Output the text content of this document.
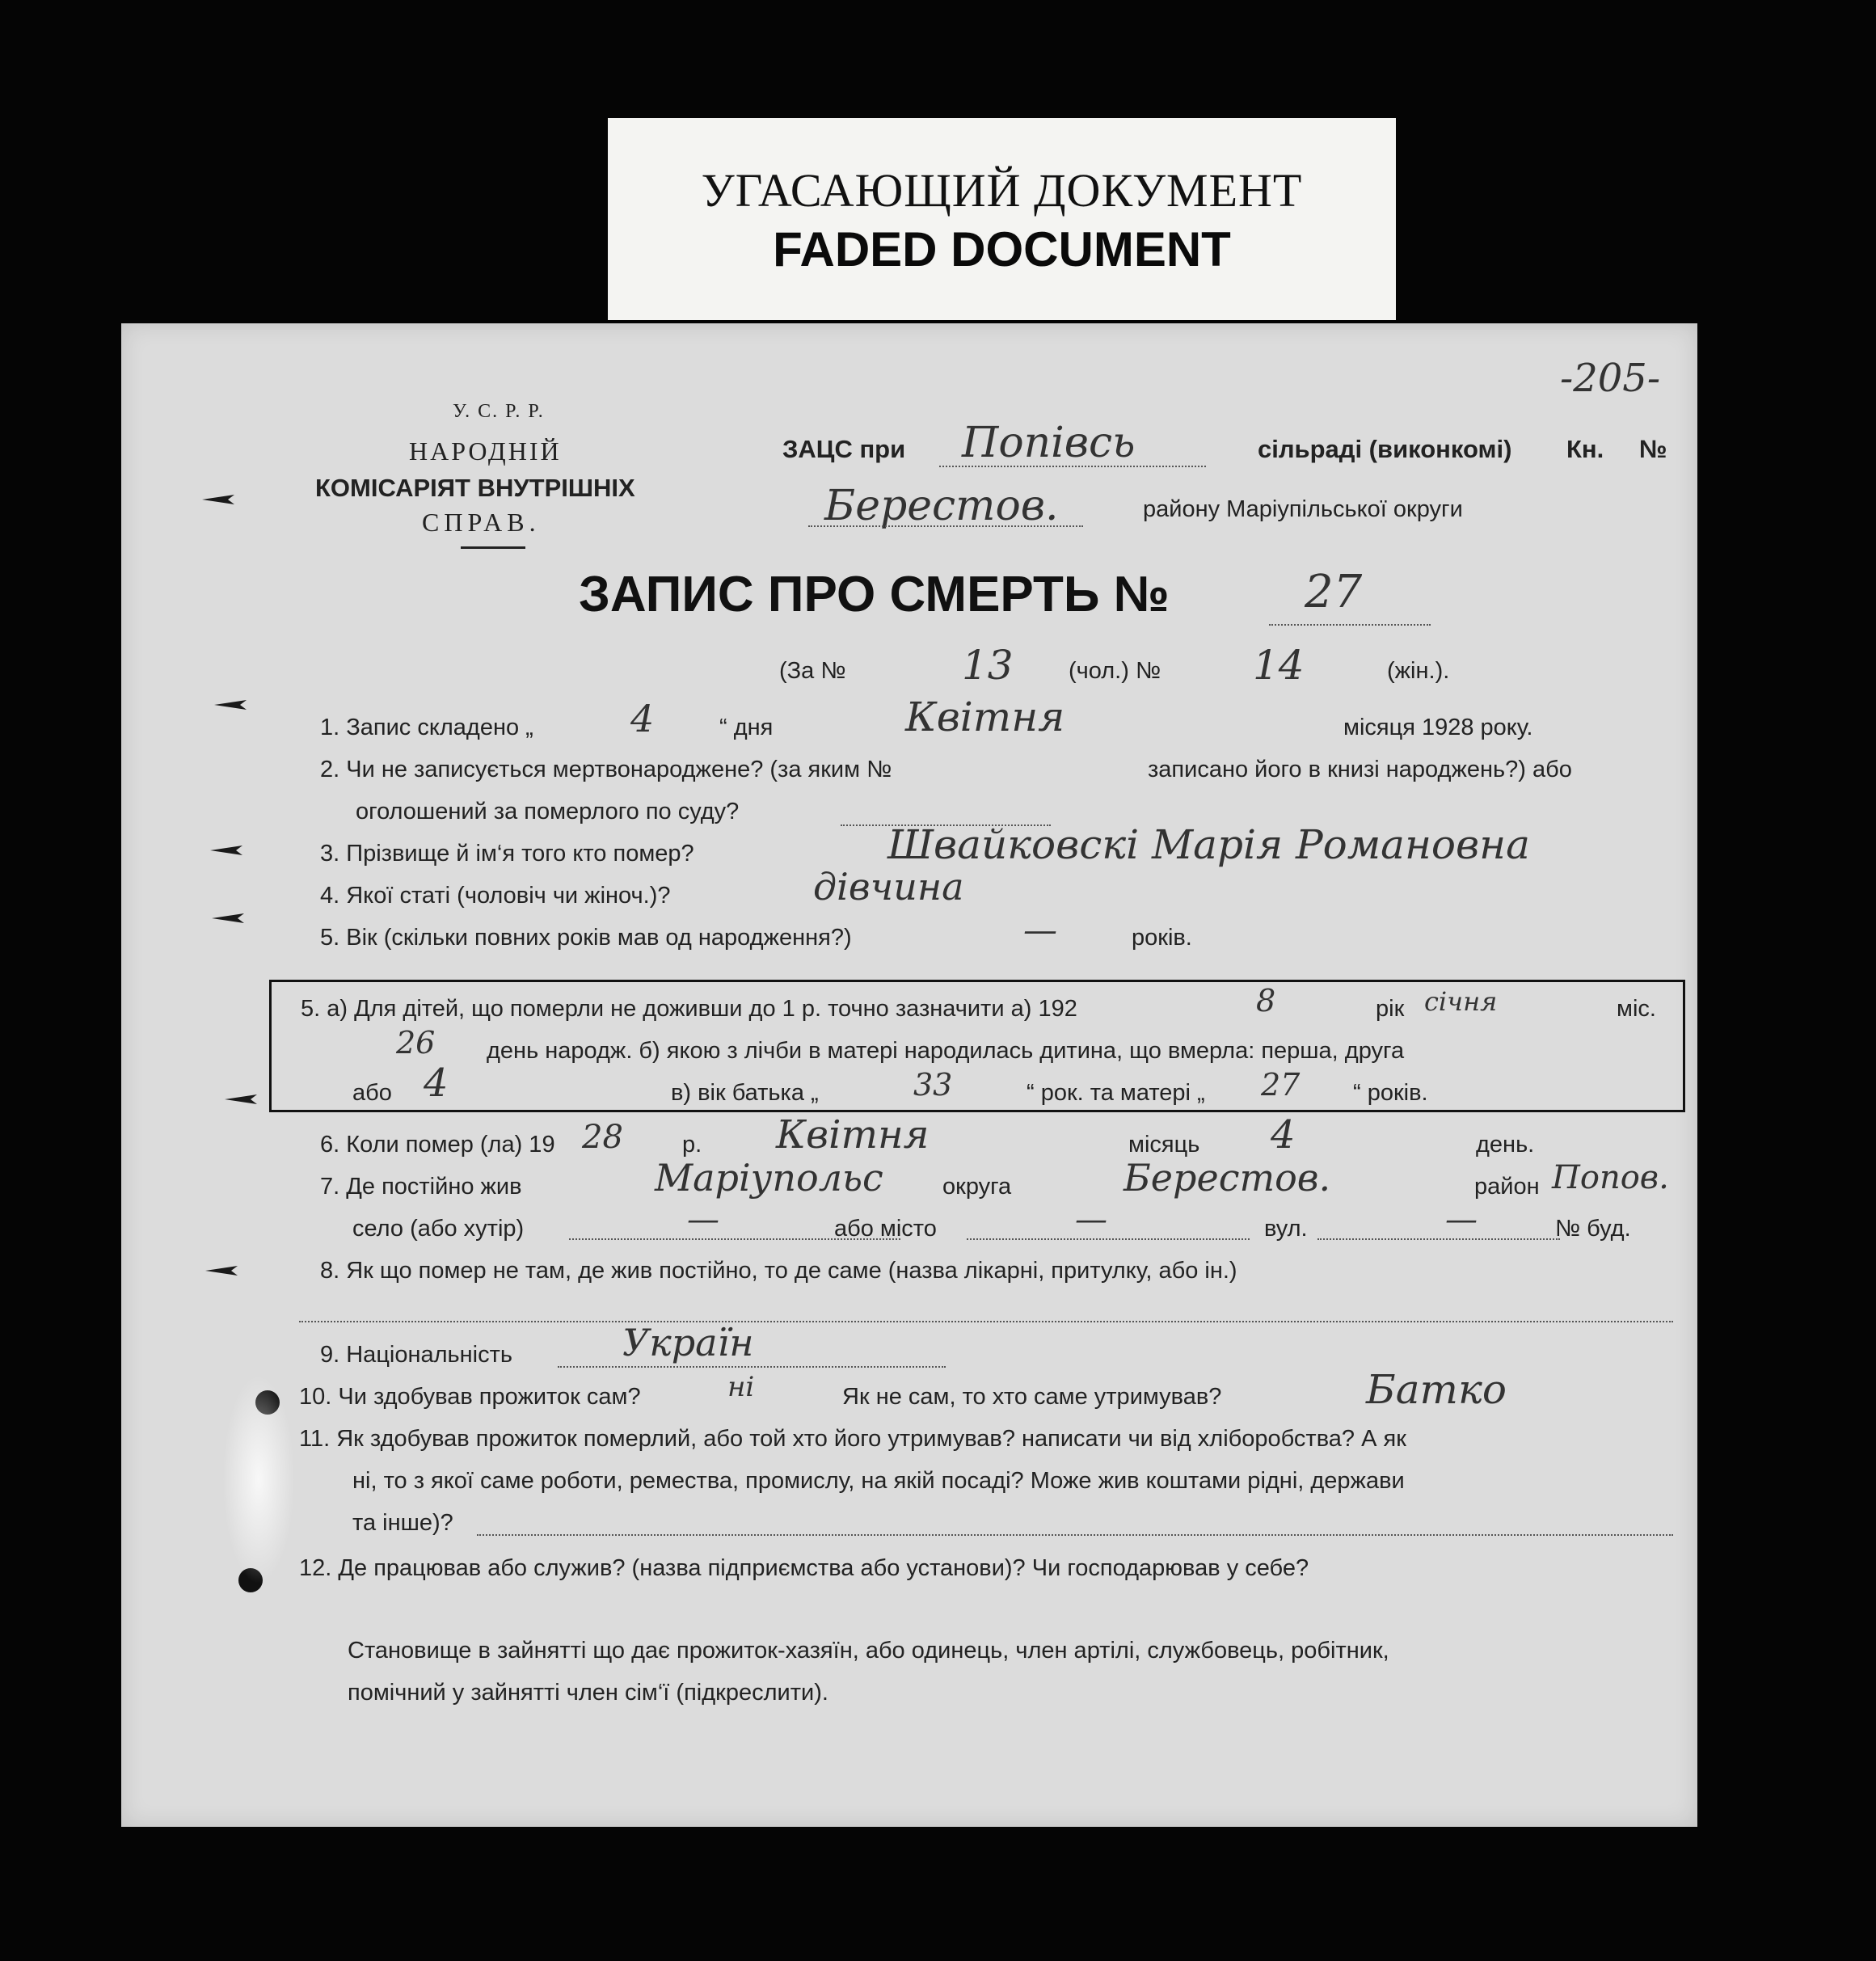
УГАСАЮЩИЙ ДОКУМЕНТ
FADED DOCUMENT
-205-
У. С. Р. Р.
НАРОДНІЙ
КОМІСАРІЯТ ВНУТРІШНІХ
СПРАВ.
ЗАЦС при Попівсь	сільраді (виконкомі) Кн. №
Берестов.	району Маріупільської округи
ЗАПИС ПРО СМЕРТЬ №	27
(За №	13 (чол.) № 14	(жін.).
1. Запис складено „	4	“ дня	Квітня	місяця 1928 року.
2. Чи не записується мертвонароджене? (за яким №	записано його в книзі народжень?) або
оголошений за померлого по суду?
3. Прізвище й ім‘я того кто помер?	Швайковскі Марія Романовна
4. Якої статі (чоловіч чи жіноч.)?	дівчина
5. Вік (скільки повних років мав од народження?)	—	років.
5. а) Для дітей, що померли не доживши до 1 р. точно зазначити а) 192	8	рік січня	міс.
26 день народж. б) якою з лічби в матері народилась дитина, що вмерла: перша, друга
або 4	в) вік батька „	33	“ рок. та матері „ 27 “ років.
6. Коли помер (ла) 19 28	р. Квітня	місяць 4	день.
7. Де постійно жив	Маріупольс	округа	Берестов.	район Попов.
село (або хутір)	—	або місто	—	вул.	—	№ буд.
8. Як що помер не там, де жив постійно, то де саме (назва лікарні, притулку, або ін.)
9. Національність	Україн
10. Чи здобував прожиток сам?	ні	Як не сам, то хто саме утримував?	Батко
11. Як здобував прожиток померлий, або той хто його утримував? написати чи від хліборобства? А як
ні, то з якої саме роботи, ремества, промислу, на якій посаді? Може жив коштами рідні, держави
та інше)?
12. Де працював або служив? (назва підприємства або установи)? Чи господарював у себе?
Становище в зайнятті що дає прожиток-хазяїн, або одинець, член артілі, службовець, робітник,
помічний у зайнятті член сім‘ї (підкреслити).
